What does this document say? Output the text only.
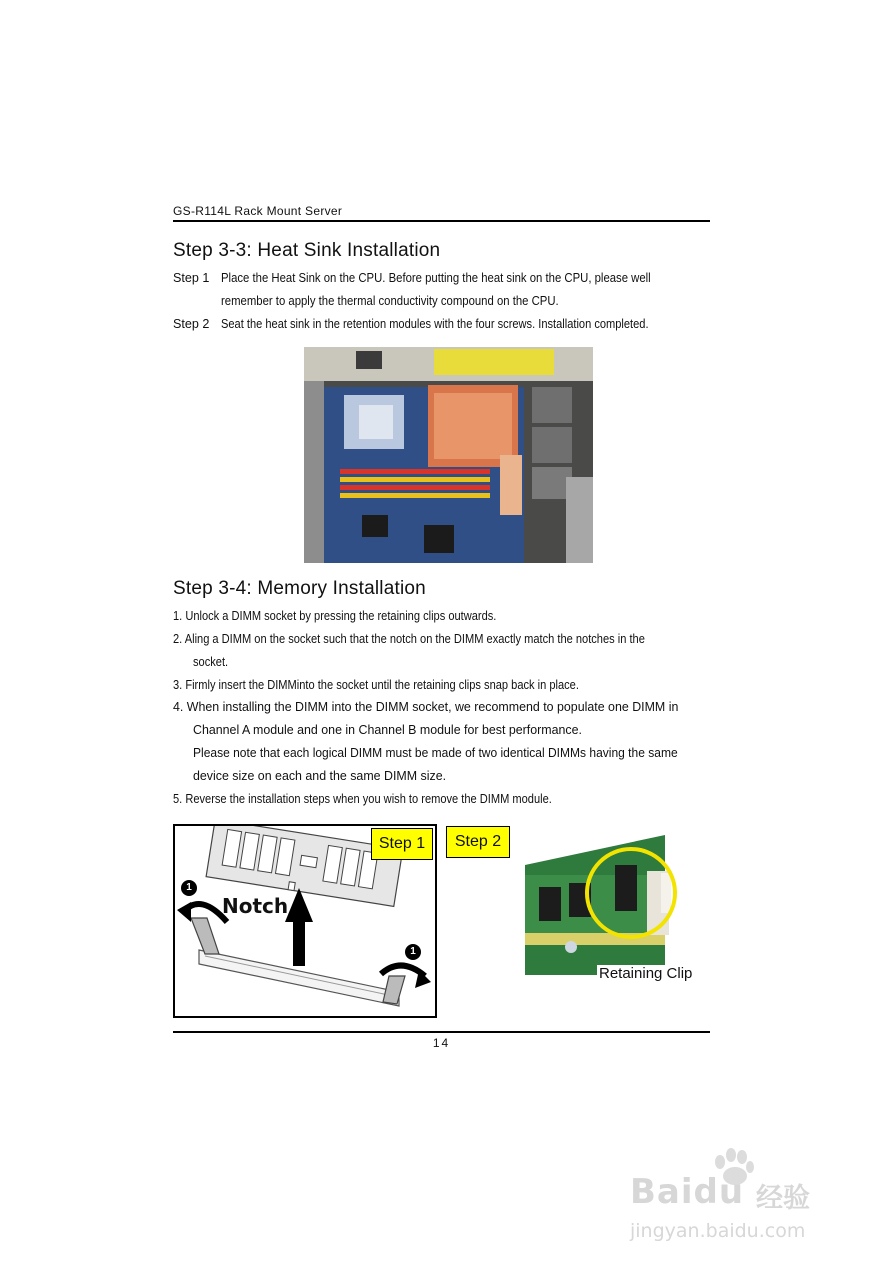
GS-R114L Rack Mount Server
Step 3-3: Heat Sink Installation
Step 1 Place the Heat Sink on the CPU. Before putting the heat sink on the CPU, please well
remember to apply the thermal conductivity compound on the CPU.
Step 2 Seat the heat sink in the retention modules with the four screws. Installation completed.
Step 3-4: Memory Installation
1. Unlock a DIMM socket by pressing the retaining clips outwards.
2. Aling a DIMM on the socket such that the notch on the DIMM exactly match the notches in the
socket.
3. Firmly insert the DIMMinto the socket until the retaining clips snap back in place.
4. When installing the DIMM into the DIMM socket, we recommend to populate one DIMM in
Channel A module and one in Channel B module for best performance.
Please note that each logical DIMM must be made of two identical DIMMs having the same
device size on each and the same DIMM size.
5. Reverse the installation steps when you wish to remove the DIMM module.
1
1
Notch
Step 1	Step 2
Retaining Clip
14
Baidu 经验
jingyan.baidu.com
